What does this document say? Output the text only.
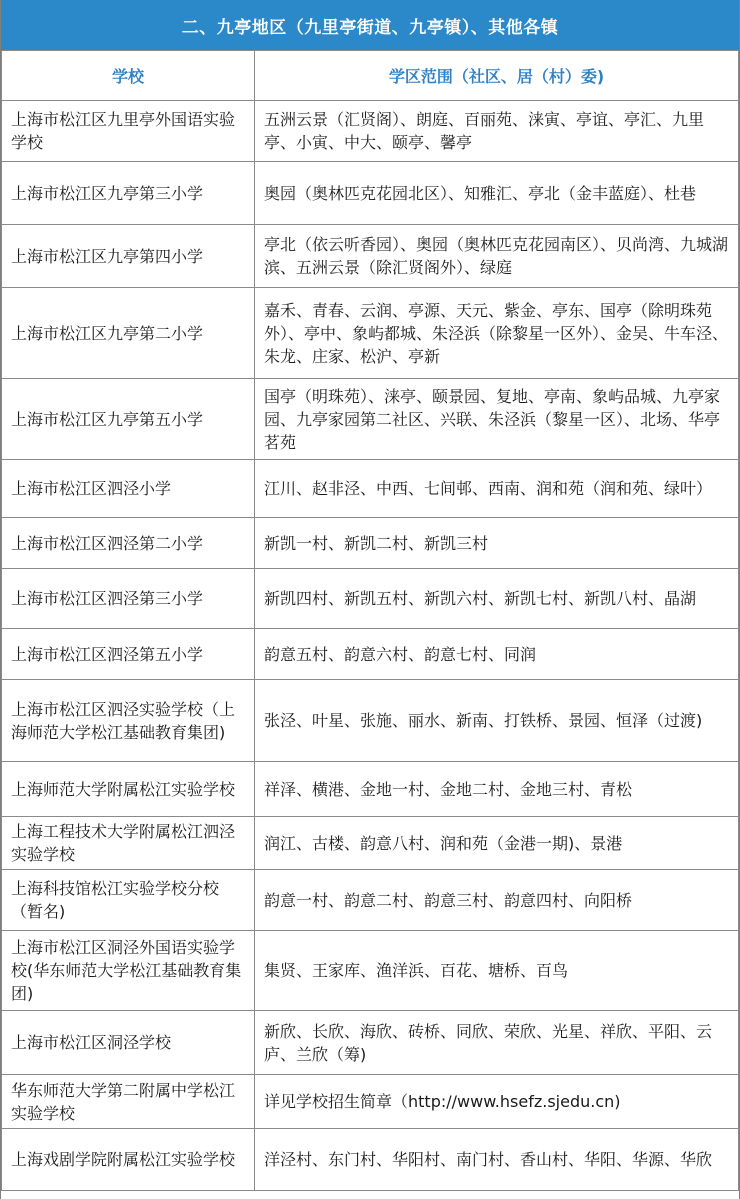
二、九亭地区（九里亭街道、九亭镇）、其他各镇
学校	学区范围（社区、居（村）委)
上海市松江区九里亭外国语实验学校	五洲云景（汇贤阁）、朗庭、百丽苑、涞寅、亭谊、亭汇、九里亭、小寅、中大、颐亭、馨亭
上海市松江区九亭第三小学	奥园（奥林匹克花园北区）、知雅汇、亭北（金丰蓝庭）、杜巷
上海市松江区九亭第四小学	亭北（依云听香园）、奥园（奥林匹克花园南区）、贝尚湾、九城湖滨、五洲云景（除汇贤阁外）、绿庭
上海市松江区九亭第二小学	嘉禾、青春、云润、亭源、天元、紫金、亭东、国亭（除明珠苑外）、亭中、象屿都城、朱泾浜（除黎星一区外）、金吴、牛车泾、朱龙、庄家、松沪、亭新
上海市松江区九亭第五小学	国亭（明珠苑）、涞亭、颐景园、复地、亭南、象屿品城、九亭家园、九亭家园第二社区、兴联、朱泾浜（黎星一区）、北场、华亭茗苑
上海市松江区泗泾小学	江川、赵非泾、中西、七间邨、西南、润和苑（润和苑、绿叶）
上海市松江区泗泾第二小学	新凯一村、新凯二村、新凯三村
上海市松江区泗泾第三小学	新凯四村、新凯五村、新凯六村、新凯七村、新凯八村、晶湖
上海市松江区泗泾第五小学	韵意五村、韵意六村、韵意七村、同润
上海市松江区泗泾实验学校（上海师范大学松江基础教育集团)	张泾、叶星、张施、丽水、新南、打铁桥、景园、恒泽（过渡)
上海师范大学附属松江实验学校	祥泽、横港、金地一村、金地二村、金地三村、青松
上海工程技术大学附属松江泗泾实验学校	润江、古楼、韵意八村、润和苑（金港一期)、景港
上海科技馆松江实验学校分校（暂名)	韵意一村、韵意二村、韵意三村、韵意四村、向阳桥
上海市松江区洞泾外国语实验学校(华东师范大学松江基础教育集团)	集贤、王家库、渔洋浜、百花、塘桥、百鸟
上海市松江区洞泾学校	新欣、长欣、海欣、砖桥、同欣、荣欣、光星、祥欣、平阳、云庐、兰欣（筹)
华东师范大学第二附属中学松江实验学校	详见学校招生简章（http://www.hsefz.sjedu.cn)
上海戏剧学院附属松江实验学校	洋泾村、东门村、华阳村、南门村、香山村、华阳、华源、华欣
